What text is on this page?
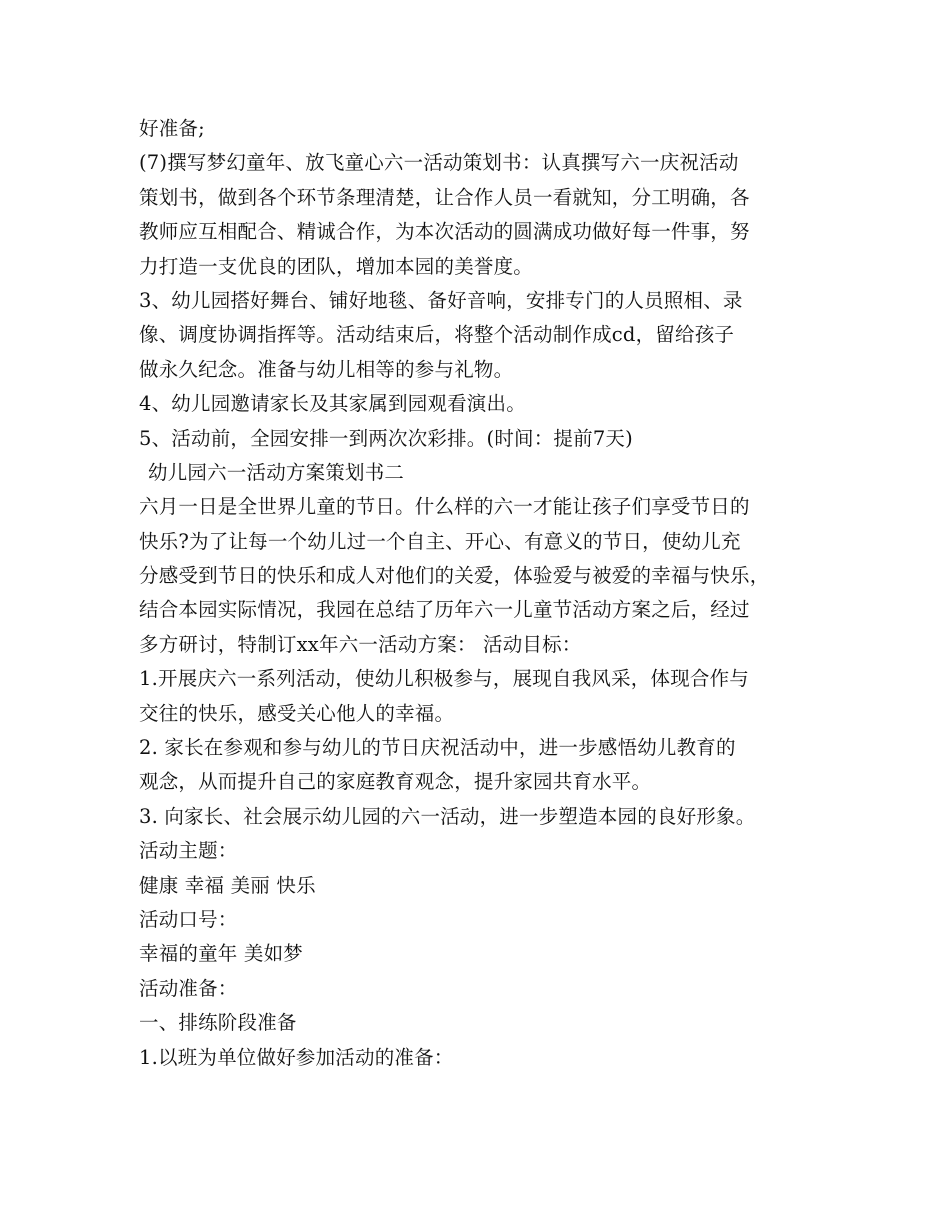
好准备;
(7)撰写梦幻童年、放飞童心六一活动策划书：认真撰写六一庆祝活动
策划书，做到各个环节条理清楚，让合作人员一看就知，分工明确，各
教师应互相配合、精诚合作，为本次活动的圆满成功做好每一件事，努
力打造一支优良的团队，增加本园的美誉度。
3、幼儿园搭好舞台、铺好地毯、备好音响，安排专门的人员照相、录
像、调度协调指挥等。活动结束后，将整个活动制作成cd，留给孩子
做永久纪念。准备与幼儿相等的参与礼物。
4、幼儿园邀请家长及其家属到园观看演出。
5、活动前，全园安排一到两次次彩排。(时间：提前7天)
幼儿园六一活动方案策划书二
六月一日是全世界儿童的节日。什么样的六一才能让孩子们享受节日的
快乐?为了让每一个幼儿过一个自主、开心、有意义的节日，使幼儿充
分感受到节日的快乐和成人对他们的关爱，体验爱与被爱的幸福与快乐，
结合本园实际情况，我园在总结了历年六一儿童节活动方案之后，经过
多方研讨，特制订xx年六一活动方案： 活动目标：
1.开展庆六一系列活动，使幼儿积极参与，展现自我风采，体现合作与
交往的快乐，感受关心他人的幸福。
2. 家长在参观和参与幼儿的节日庆祝活动中，进一步感悟幼儿教育的
观念，从而提升自己的家庭教育观念，提升家园共育水平。
3. 向家长、社会展示幼儿园的六一活动，进一步塑造本园的良好形象。
活动主题：
健康 幸福 美丽 快乐
活动口号：
幸福的童年 美如梦
活动准备：
一、排练阶段准备
1.以班为单位做好参加活动的准备：
